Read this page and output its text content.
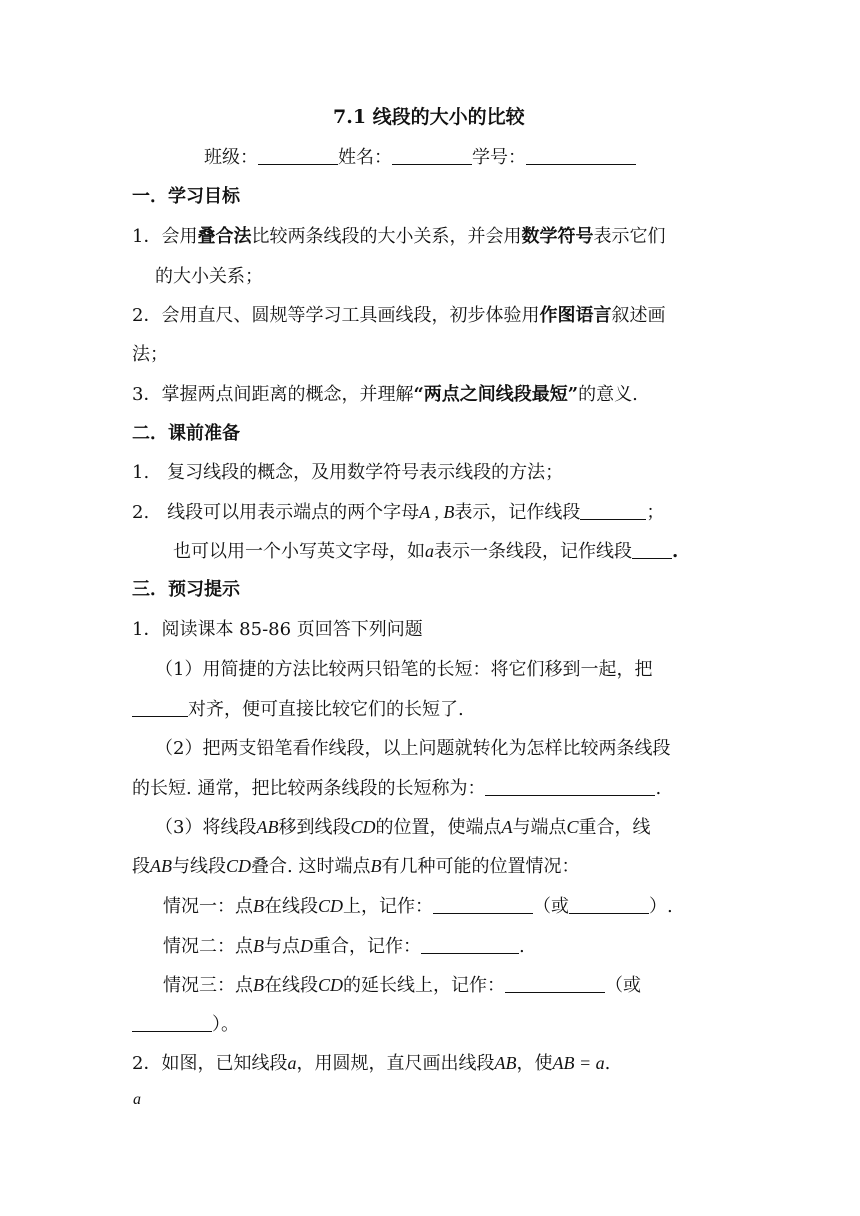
7.1 线段的大小的比较
班级：	姓名：	学号：
一．学习目标
1．会用叠合法比较两条线段的大小关系，并会用数学符号表示它们
的大小关系；
2．会用直尺、圆规等学习工具画线段，初步体验用作图语言叙述画
法；
3．掌握两点间距离的概念，并理解“两点之间线段最短”的意义.
二．课前准备
1.　复习线段的概念，及用数学符号表示线段的方法；
2.　线段可以用表示端点的两个字母A , B表示，记作线段	；
也可以用一个小写英文字母，如a表示一条线段，记作线段 .
三．预习提示
1．阅读课本 85-86 页回答下列问题
（1）用简捷的方法比较两只铅笔的长短：将它们移到一起，把
对齐，便可直接比较它们的长短了.
（2）把两支铅笔看作线段，以上问题就转化为怎样比较两条线段
的长短. 通常，把比较两条线段的长短称为：	.
（3）将线段AB移到线段CD的位置，使端点A与端点C重合，线
段AB与线段CD叠合. 这时端点B有几种可能的位置情况：
情况一：点B在线段CD上，记作：	（或	）.
情况二：点B与点D重合，记作：	.
情况三：点B在线段CD的延长线上，记作：	（或
）。
2．如图，已知线段a，用圆规，直尺画出线段AB，使AB = a.
a
